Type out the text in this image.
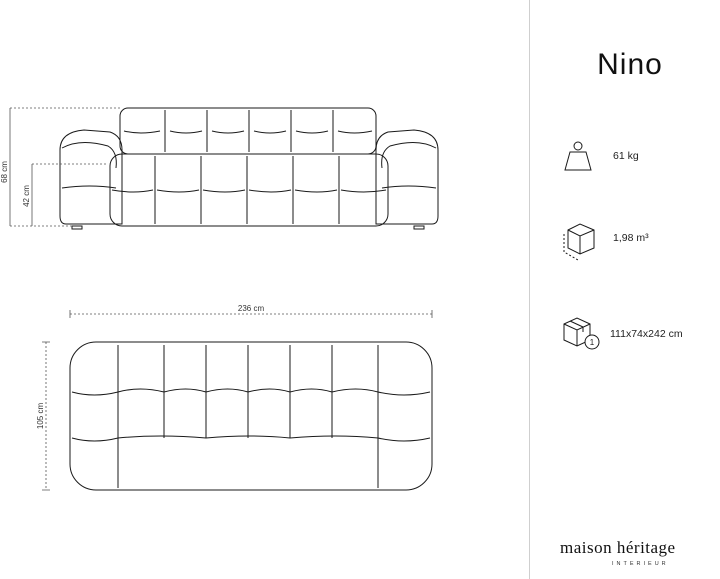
68 cm
42 cm
236 cm
105 cm
Nino
61 kg
1,98 m³
1
111x74x242 cm
maison héritage
INTERIEUR
